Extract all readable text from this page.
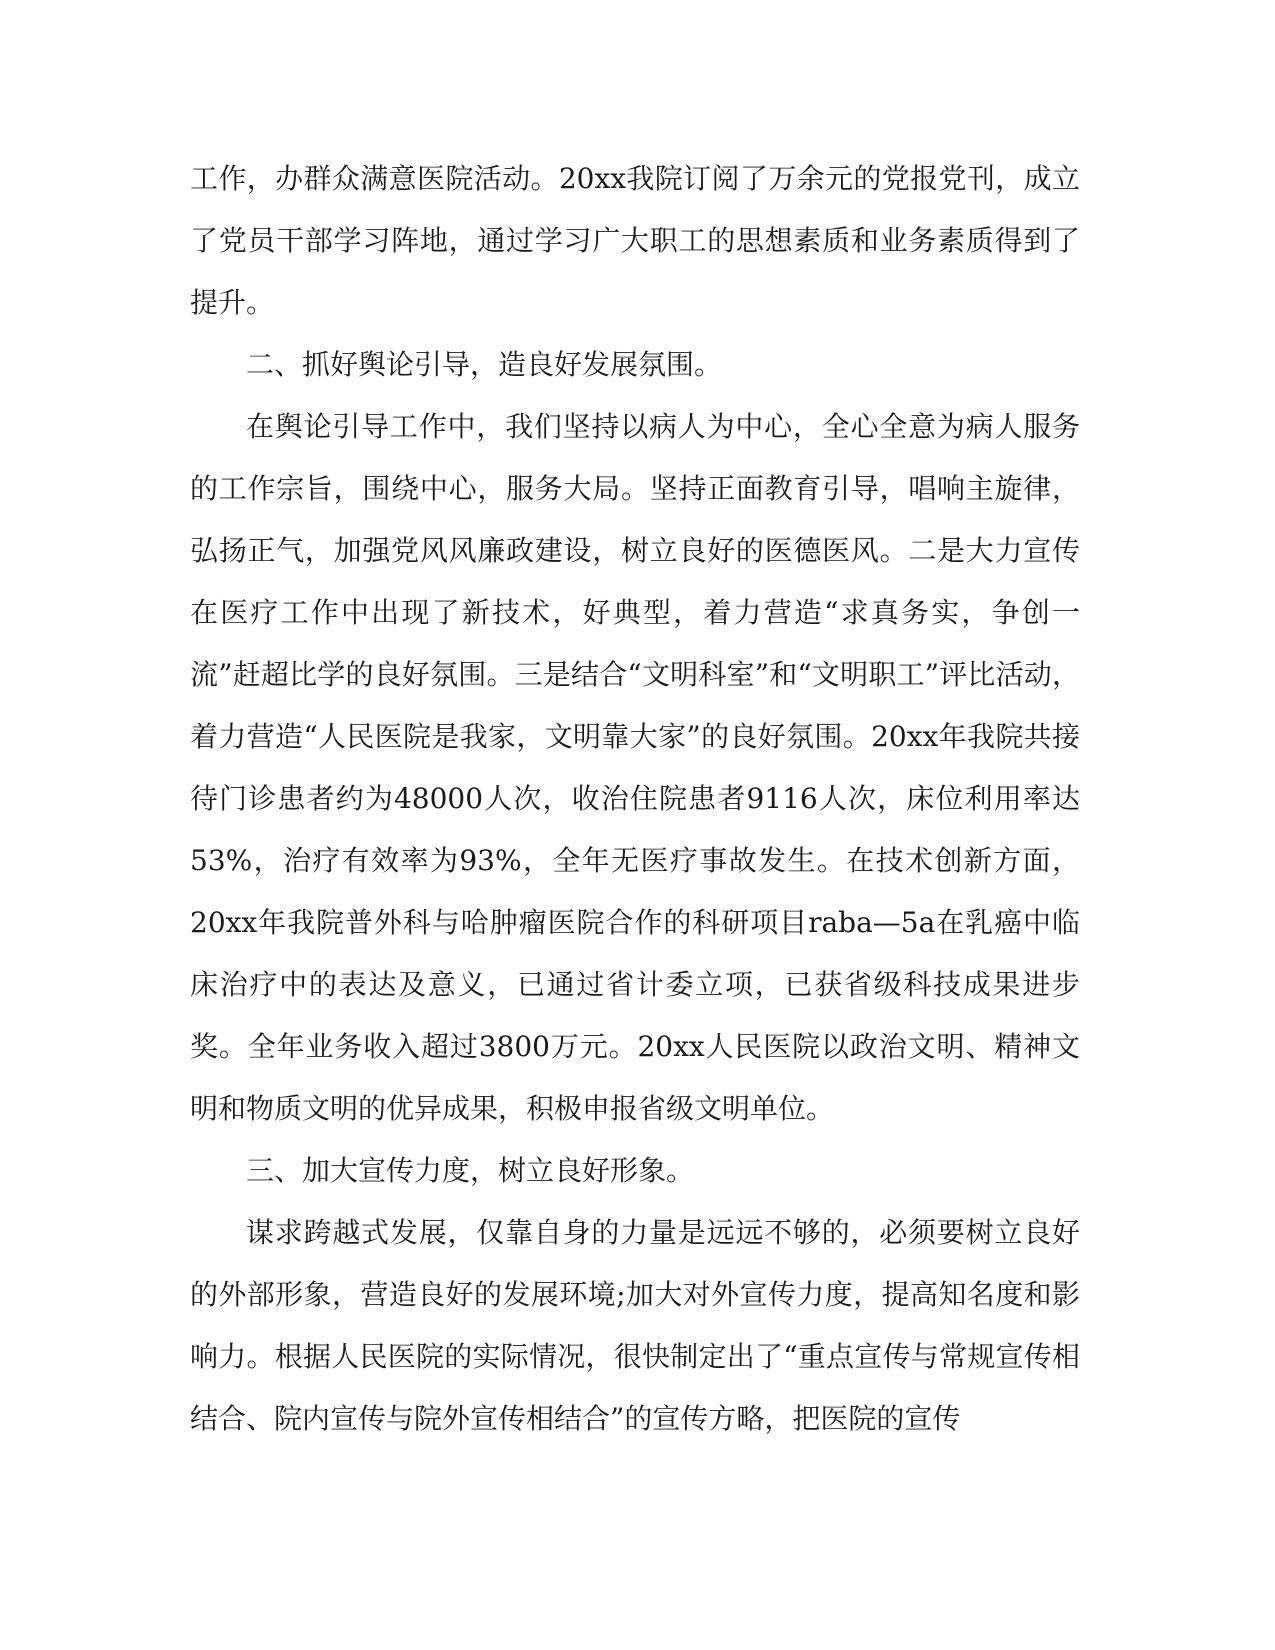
工作，办群众满意医院活动。20xx我院订阅了万余元的党报党刊，成立了党员干部学习阵地，通过学习广大职工的思想素质和业务素质得到了提升。

二、抓好舆论引导，造良好发展氛围。

在舆论引导工作中，我们坚持以病人为中心，全心全意为病人服务的工作宗旨，围绕中心，服务大局。坚持正面教育引导，唱响主旋律，弘扬正气，加强党风风廉政建设，树立良好的医德医风。二是大力宣传在医疗工作中出现了新技术，好典型，着力营造“求真务实，争创一流”赶超比学的良好氛围。三是结合“文明科室”和“文明职工”评比活动，着力营造“人民医院是我家，文明靠大家”的良好氛围。20xx年我院共接待门诊患者约为48000人次，收治住院患者9116人次，床位利用率达53%，治疗有效率为93%，全年无医疗事故发生。在技术创新方面，20xx年我院普外科与哈肿瘤医院合作的科研项目raba—5a在乳癌中临床治疗中的表达及意义，已通过省计委立项，已获省级科技成果进步奖。全年业务收入超过3800万元。20xx人民医院以政治文明、精神文明和物质文明的优异成果，积极申报省级文明单位。

三、加大宣传力度，树立良好形象。

谋求跨越式发展，仅靠自身的力量是远远不够的，必须要树立良好的外部形象，营造良好的发展环境;加大对外宣传力度，提高知名度和影响力。根据人民医院的实际情况，很快制定出了“重点宣传与常规宣传相结合、院内宣传与院外宣传相结合”的宣传方略，把医院的宣传
